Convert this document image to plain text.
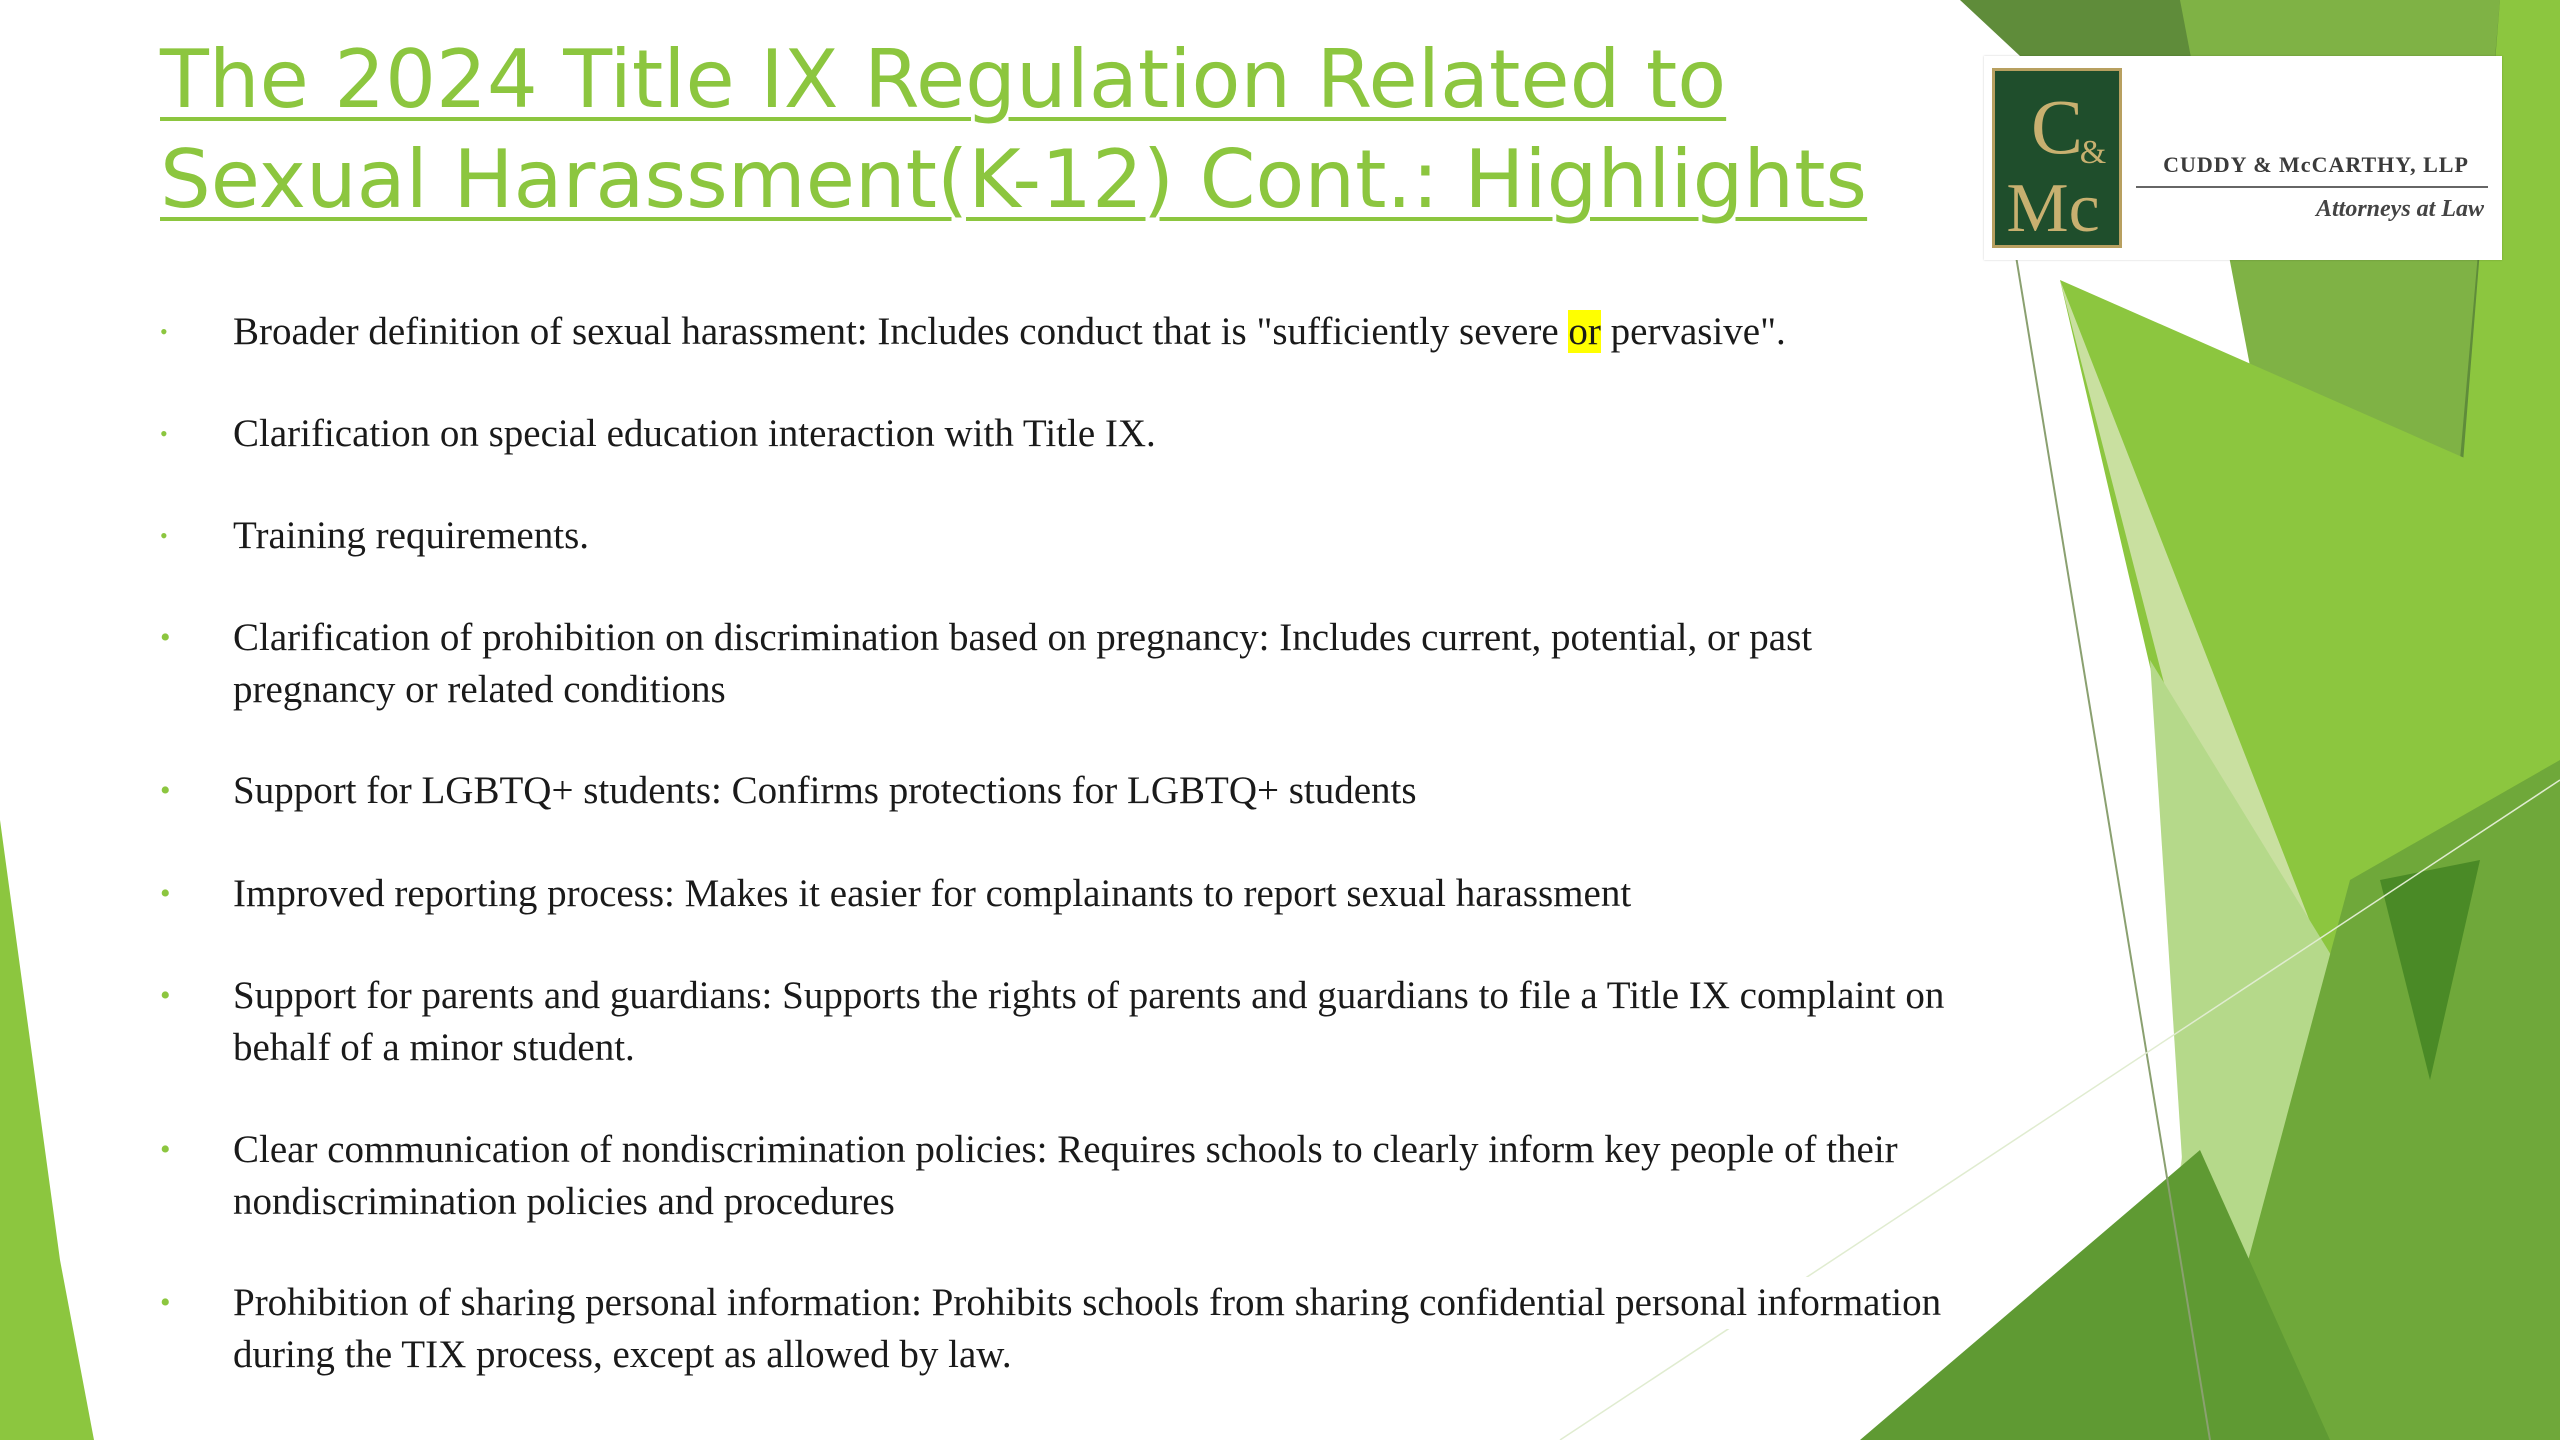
The 2024 Title IX Regulation Related to
Sexual Harassment(K-12) Cont.: Highlights
C
&
Mc
CUDDY & McCARTHY, LLP
Attorneys at Law
• Broader definition of sexual harassment: Includes conduct that is "sufficiently severe or pervasive".
• Clarification on special education interaction with Title IX.
• Training requirements.
• Clarification of prohibition on discrimination based on pregnancy: Includes current, potential, or past
pregnancy or related conditions
• Support for LGBTQ+ students: Confirms protections for LGBTQ+ students
• Improved reporting process: Makes it easier for complainants to report sexual harassment
• Support for parents and guardians: Supports the rights of parents and guardians to file a Title IX complaint on
behalf of a minor student.
• Clear communication of nondiscrimination policies: Requires schools to clearly inform key people of their
nondiscrimination policies and procedures
• Prohibition of sharing personal information: Prohibits schools from sharing confidential personal information
during the TIX process, except as allowed by law.
